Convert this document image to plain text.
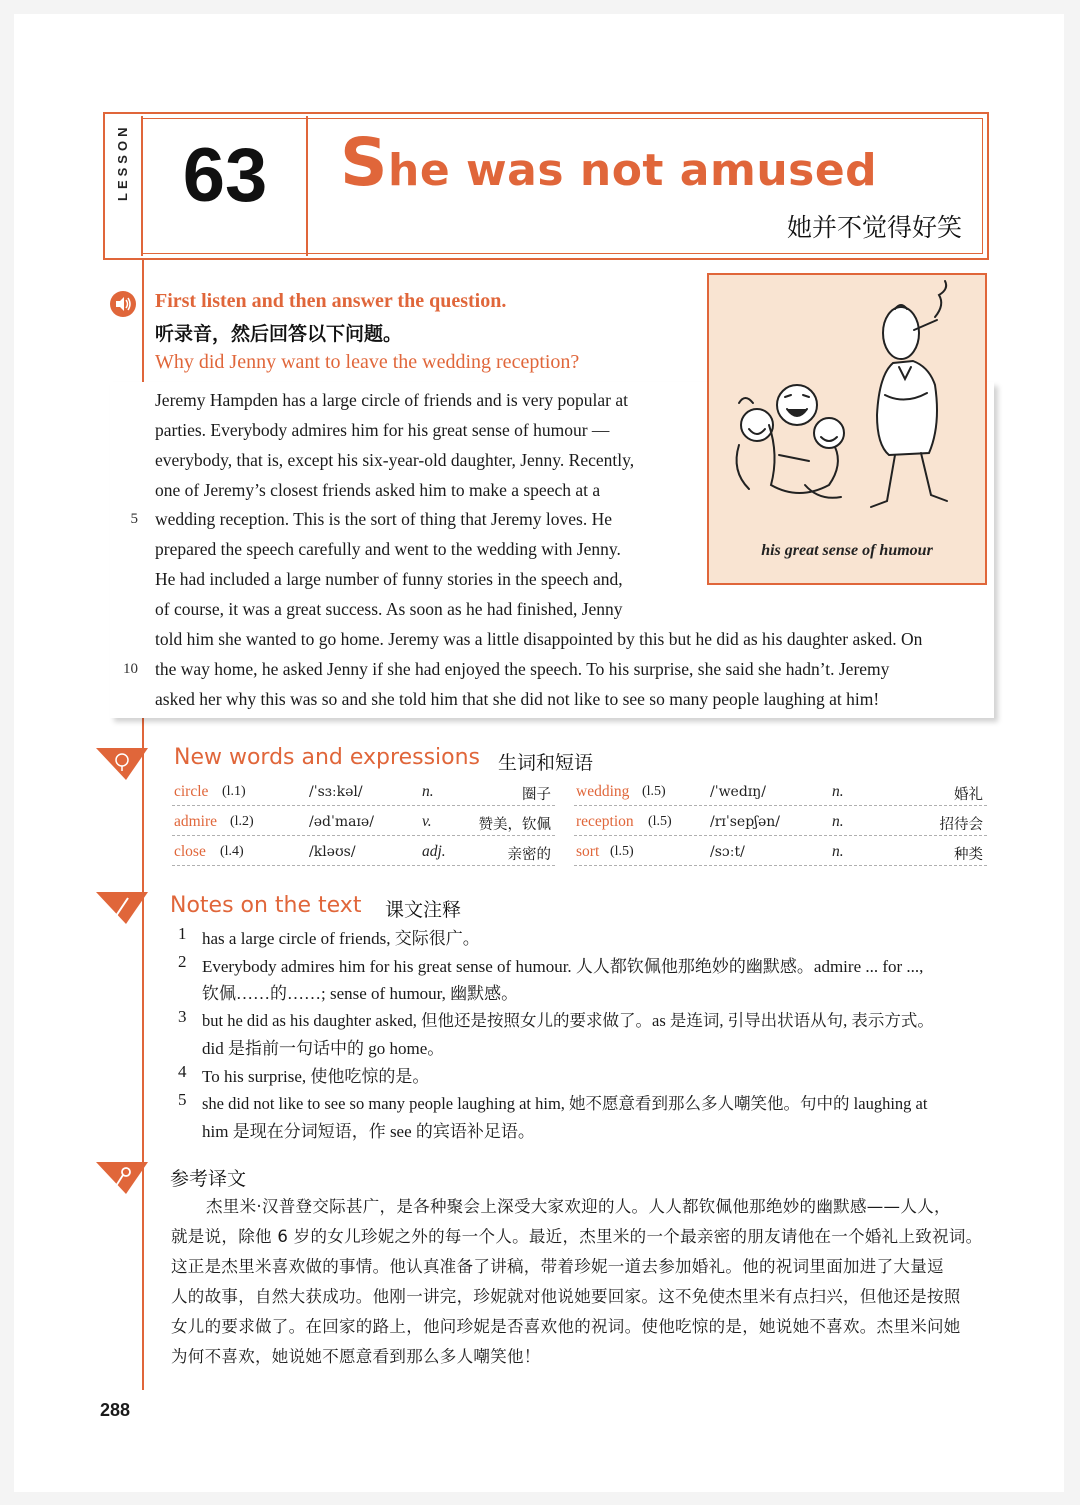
LESSON 63	She was not amused
她并不觉得好笑
First listen and then answer the question.
听录音，然后回答以下问题。
Why did Jenny want to leave the wedding reception?
Jeremy Hampden has a large circle of friends and is very popular at
parties. Everybody admires him for his great sense of humour —
everybody, that is, except his six-year-old daughter, Jenny. Recently,
one of Jeremy’s closest friends asked him to make a speech at a
5 wedding reception. This is the sort of thing that Jeremy loves. He
prepared the speech carefully and went to the wedding with Jenny.
He had included a large number of funny stories in the speech and,
of course, it was a great success. As soon as he had finished, Jenny
told him she wanted to go home. Jeremy was a little disappointed by this but he did as his daughter asked. On
10 the way home, he asked Jenny if she had enjoyed the speech. To his surprise, she said she hadn’t. Jeremy
asked her why this was so and she told him that she did not like to see so many people laughing at him!
his great sense of humour
New words and expressions 生词和短语
circle (l.1)	/ˈsɜːkəl/	n.	圈子
admire (l.2)	/ədˈmaɪə/	v.	赞美，钦佩
close (l.4)	/kləʊs/	adj.	亲密的
wedding (l.5)	/ˈwedɪŋ/	n.	婚礼
reception (l.5)	/rɪˈsepʃən/	n.	招待会
sort (l.5)	/sɔːt/	n.	种类
Notes on the text 课文注释
1 has a large circle of friends, 交际很广。
2 Everybody admires him for his great sense of humour. 人人都钦佩他那绝妙的幽默感。admire ... for ...,
钦佩……的……; sense of humour, 幽默感。
3 but he did as his daughter asked, 但他还是按照女儿的要求做了。as 是连词, 引导出状语从句, 表示方式。
did 是指前一句话中的 go home。
4 To his surprise, 使他吃惊的是。
5 she did not like to see so many people laughing at him, 她不愿意看到那么多人嘲笑他。句中的 laughing at
him 是现在分词短语，作 see 的宾语补足语。
参考译文
杰里米·汉普登交际甚广，是各种聚会上深受大家欢迎的人。人人都钦佩他那绝妙的幽默感——人人，
就是说，除他 6 岁的女儿珍妮之外的每一个人。最近，杰里米的一个最亲密的朋友请他在一个婚礼上致祝词。
这正是杰里米喜欢做的事情。他认真准备了讲稿，带着珍妮一道去参加婚礼。他的祝词里面加进了大量逗
人的故事，自然大获成功。他刚一讲完，珍妮就对他说她要回家。这不免使杰里米有点扫兴，但他还是按照
女儿的要求做了。在回家的路上，他问珍妮是否喜欢他的祝词。使他吃惊的是，她说她不喜欢。杰里米问她
为何不喜欢，她说她不愿意看到那么多人嘲笑他！
288
